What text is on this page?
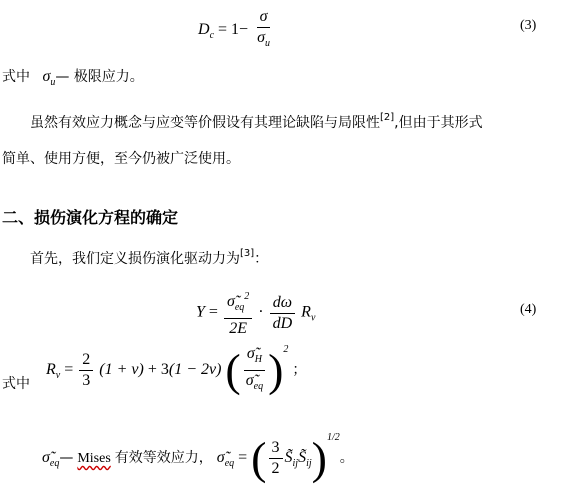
$D_c = 1- \frac{\sigma}{\sigma_u}$	(3)
式中 $\sigma_u—$ 极限应力。
虽然有效应力概念与应变等价假设有其理论缺陷与局限性[2],但由于其形式
简单、使用方便，至今仍被广泛使用。
二、损伤演化方程的确定
首先，我们定义损伤演化驱动力为[3]：
$Y = \frac{\sigmã_{eq}^2}{2E} \cdot \frac{d\omega}{dD} R_\nu$
(4)
式中
$R_\nu = \frac{2}{3} (1 + \nu) + 3(1 - 2\nu)$ ( $\frac{\sigmã_H}{\sigmã_{eq}} )^2$ ；
$\sigmã_{eq}—$ Mises 有效等效应力， $\sigmã_{eq}$ = ( $\frac{3}{2}$ $S̃_{ij}S̃_{ij})^{1/2}$。
